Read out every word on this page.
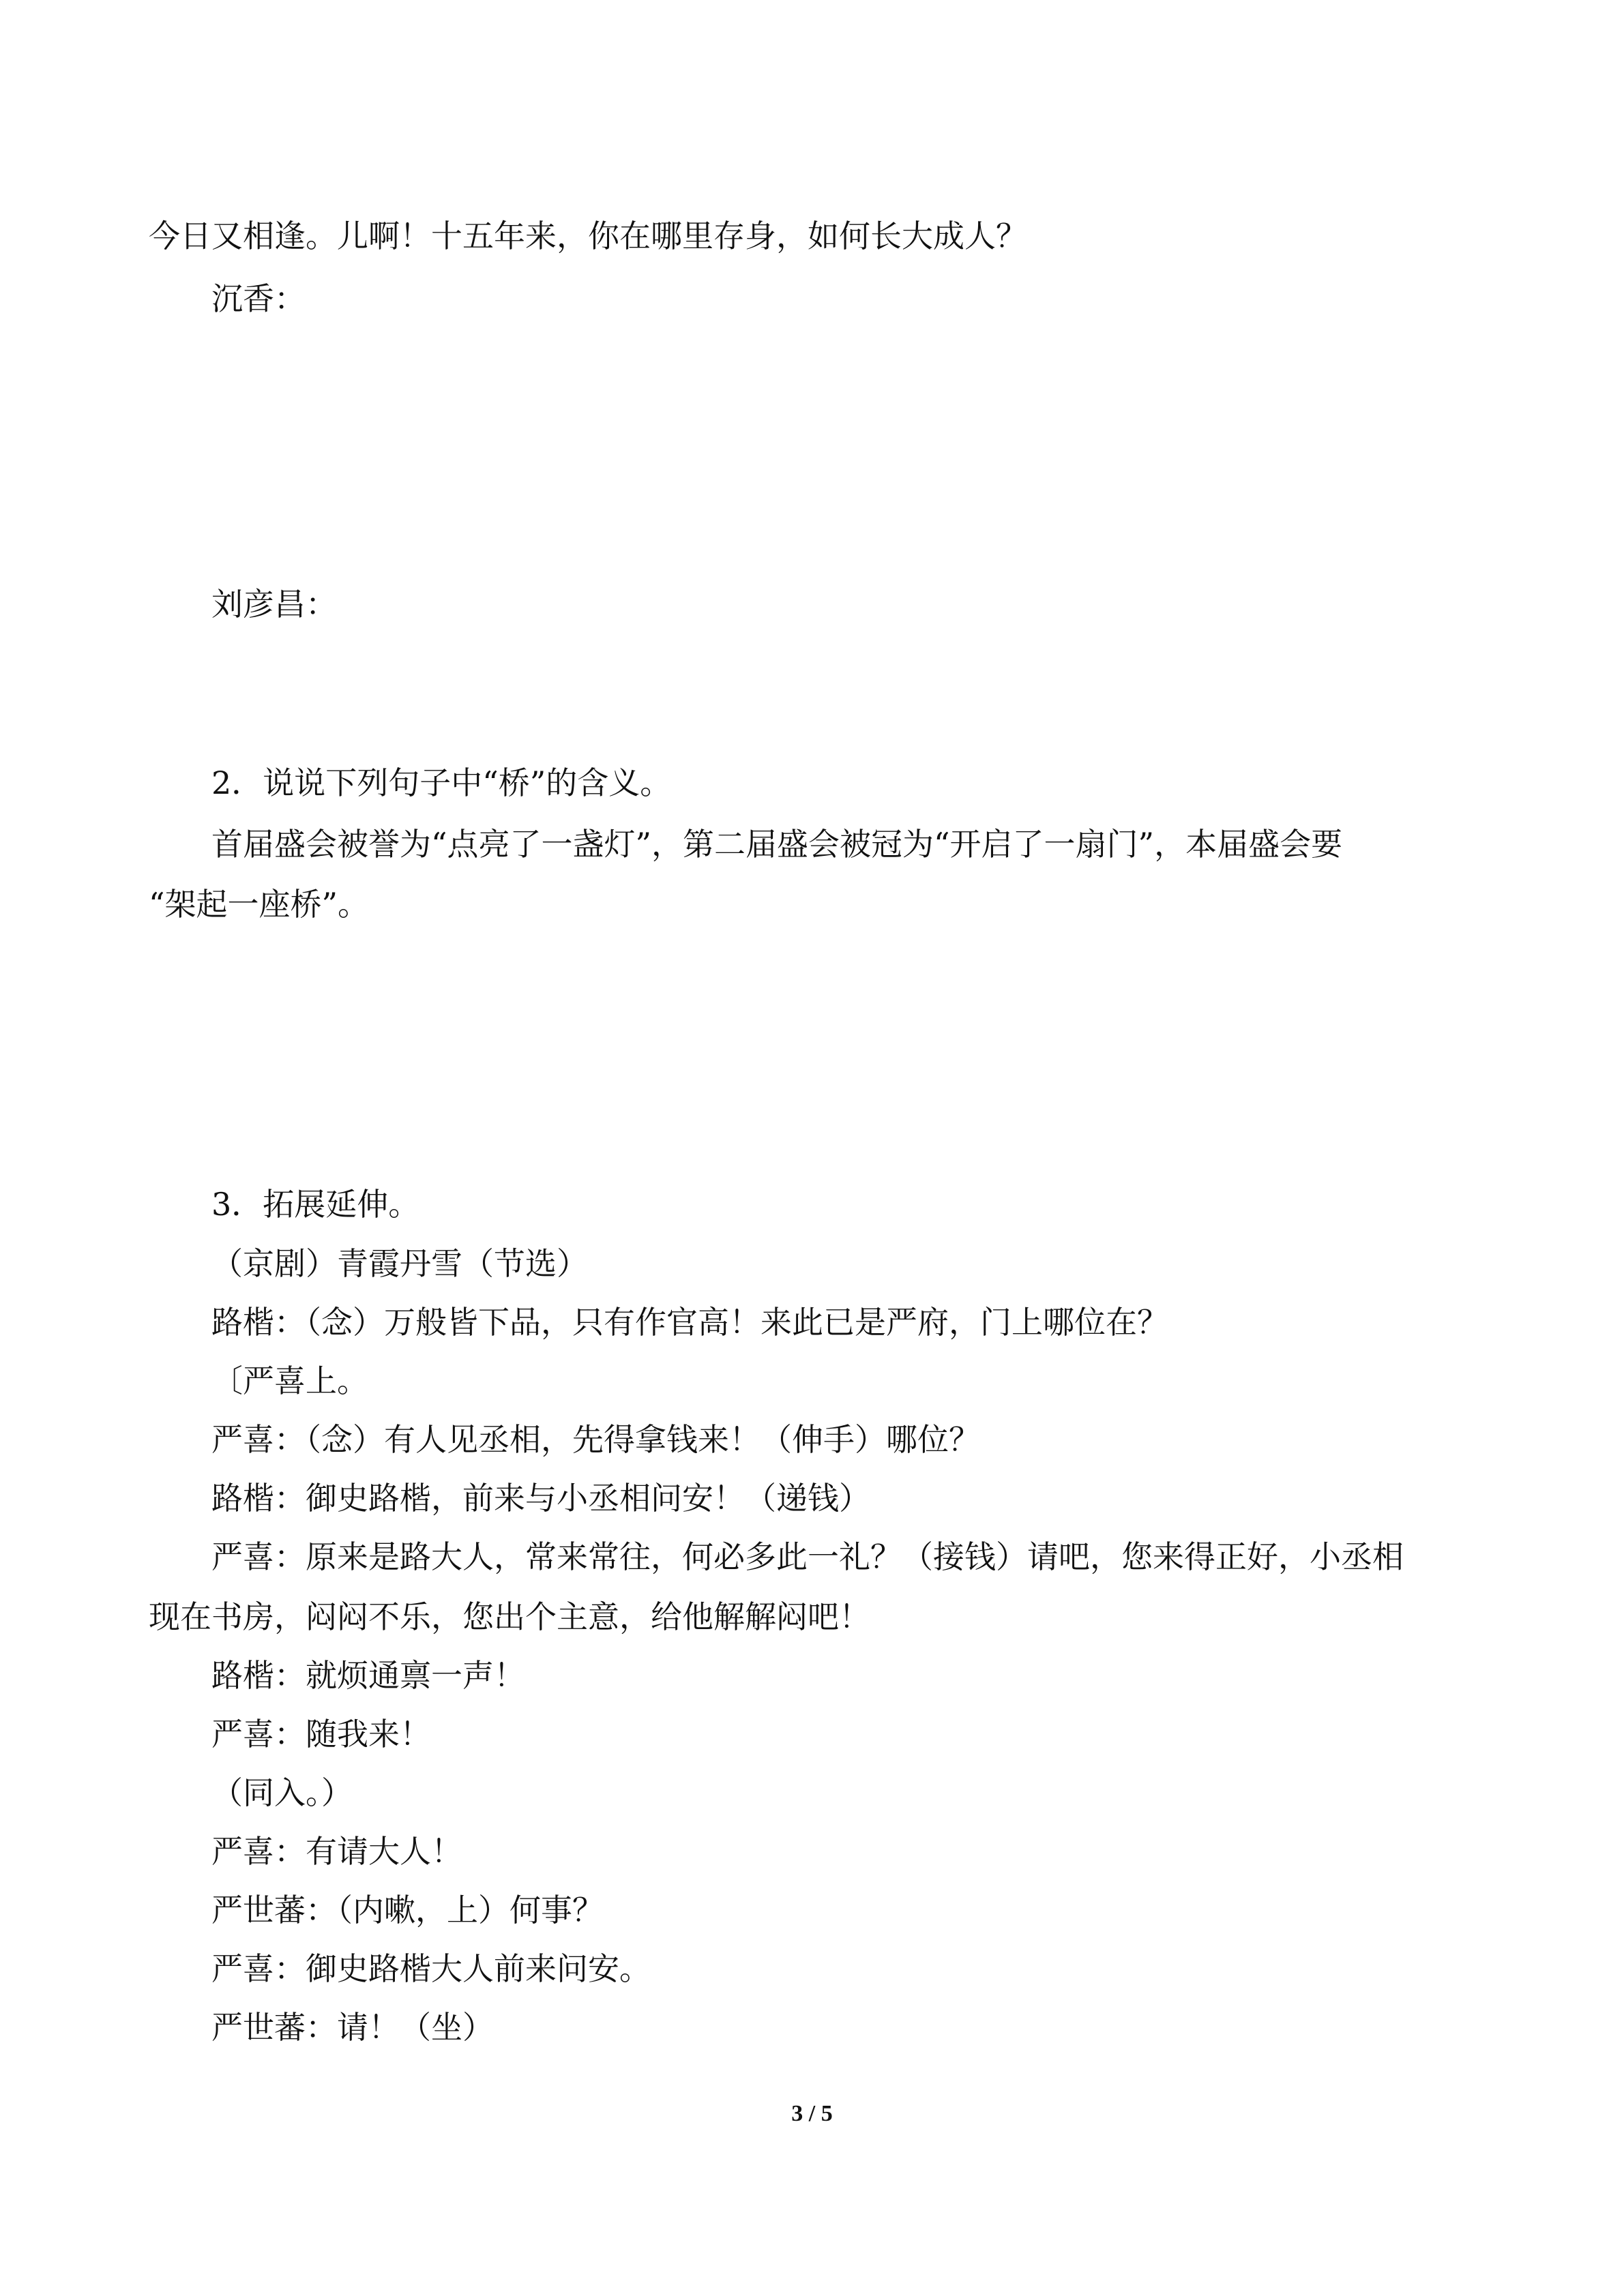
今日又相逢。儿啊！十五年来，你在哪里存身，如何长大成人？

沉香：

刘彦昌：

2．说说下列句子中“桥”的含义。

首届盛会被誉为“点亮了一盏灯”，第二届盛会被冠为“开启了一扇门”，本届盛会要

“架起一座桥”。

3．拓展延伸。

（京剧）青霞丹雪（节选）

路楷：（念）万般皆下品，只有作官高！来此已是严府，门上哪位在？

〔严喜上。

严喜：（念）有人见丞相，先得拿钱来！（伸手）哪位？

路楷：御史路楷，前来与小丞相问安！（递钱）

严喜：原来是路大人，常来常往，何必多此一礼？（接钱）请吧，您来得正好，小丞相

现在书房，闷闷不乐，您出个主意，给他解解闷吧！

路楷：就烦通禀一声！

严喜：随我来！

（同入。）

严喜：有请大人！

严世蕃：（内嗽，上）何事？

严喜：御史路楷大人前来问安。

严世蕃：请！（坐）

3 / 5
